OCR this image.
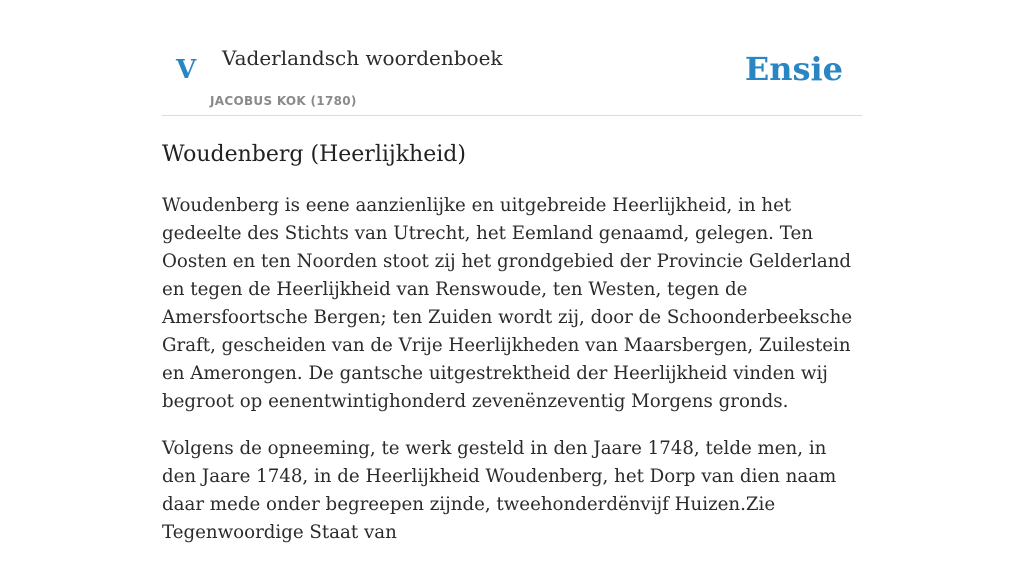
V Vaderlandsch woordenboek
JACOBUS KOK (1780)
Ensie
Woudenberg (Heerlijkheid)

Woudenberg is eene aanzienlijke en uitgebreide Heerlijkheid, in het gedeelte des Stichts van Utrecht, het Eemland genaamd, gelegen. Ten Oosten en ten Noorden stoot zij het grondgebied der Provincie Gelderland en tegen de Heerlijkheid van Renswoude, ten Westen, tegen de Amersfoortsche Bergen; ten Zuiden wordt zij, door de Schoonderbeeksche Graft, gescheiden van de Vrije Heerlijkheden van Maarsbergen, Zuilestein en Amerongen. De gantsche uitgestrektheid der Heerlijkheid vinden wij begroot op eenentwintighonderd zevenënzeventig Morgens gronds.

Volgens de opneeming, te werk gesteld in den Jaare 1748, telde men, in den Jaare 1748, in de Heerlijkheid Woudenberg, het Dorp van dien naam daar mede onder begreepen zijnde, tweehonderdënvijf Huizen.Zie Tegenwoordige Staat van
